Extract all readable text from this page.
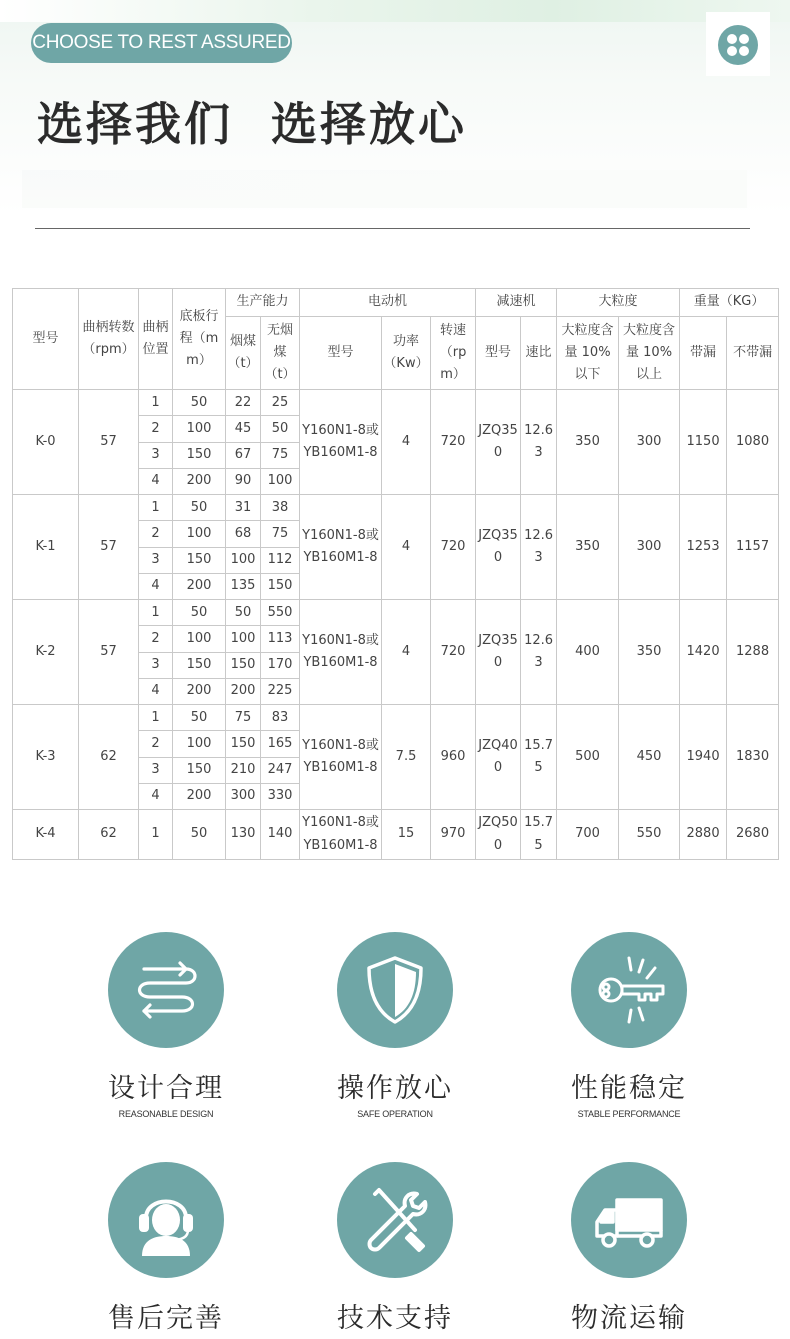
CHOOSE TO REST ASSURED
选择我们  选择放心
型号	曲柄转数（rpm）	曲柄位置	底板行程（mm）	生产能力		电动机			减速机		大粒度		重量（KG）	
				烟煤（t）	无烟煤（t）	型号	功率（Kw）	转速（rpm）	型号	速比	大粒度含量 10%以下	大粒度含量 10%以上	带漏	不带漏
K-0	57	1	50	22	25	Y160N1-8或YB160M1-8	4	720	JZQ350	12.63	350	300	1150	1080
		2	100	45	50									
		3	150	67	75									
		4	200	90	100									
K-1	57	1	50	31	38	Y160N1-8或YB160M1-8	4	720	JZQ350	12.63	350	300	1253	1157
		2	100	68	75									
		3	150	100	112									
		4	200	135	150									
K-2	57	1	50	50	550	Y160N1-8或YB160M1-8	4	720	JZQ350	12.63	400	350	1420	1288
		2	100	100	113									
		3	150	150	170									
		4	200	200	225									
K-3	62	1	50	75	83	Y160N1-8或YB160M1-8	7.5	960	JZQ400	15.75	500	450	1940	1830
		2	100	150	165									
		3	150	210	247									
		4	200	300	330									
K-4	62	1	50	130	140	Y160N1-8或YB160M1-8	15	970	JZQ500	15.75	700	550	2880	2680
设计合理
REASONABLE DESIGN
操作放心
SAFE OPERATION
性能稳定
STABLE PERFORMANCE
售后完善	技术支持	物流运输
